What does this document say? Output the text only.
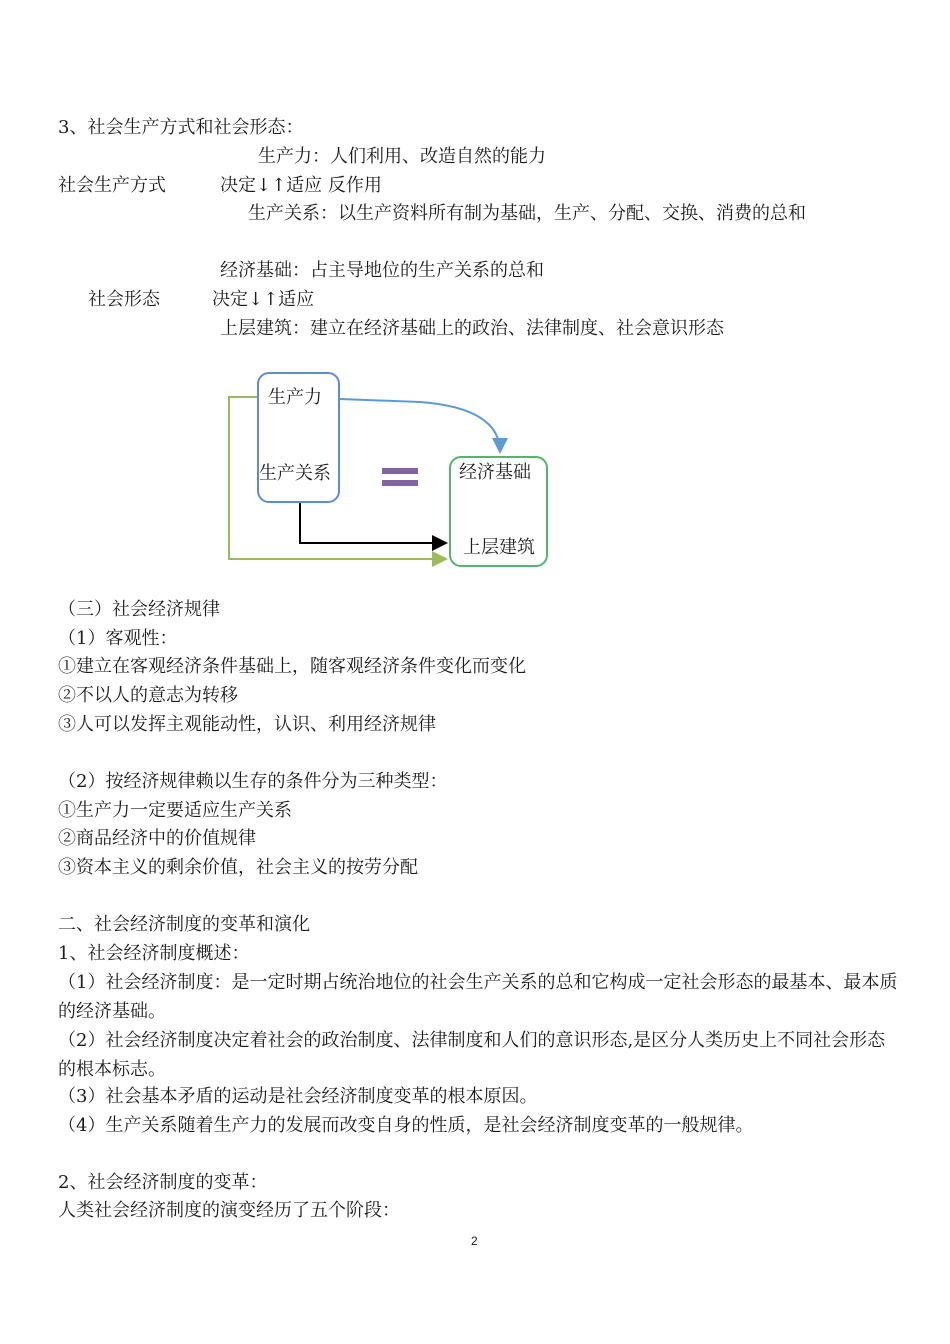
3、社会生产方式和社会形态：
生产力：人们利用、改造自然的能力
社会生产方式	决定↓↑适应 反作用
生产关系：以生产资料所有制为基础，生产、分配、交换、消费的总和
经济基础：占主导地位的生产关系的总和
社会形态	决定↓↑适应
上层建筑：建立在经济基础上的政治、法律制度、社会意识形态
生产力
生产关系	经济基础
上层建筑
（三）社会经济规律
（1）客观性：
①建立在客观经济条件基础上，随客观经济条件变化而变化
②不以人的意志为转移
③人可以发挥主观能动性，认识、利用经济规律
（2）按经济规律赖以生存的条件分为三种类型：
①生产力一定要适应生产关系
②商品经济中的价值规律
③资本主义的剩余价值，社会主义的按劳分配
二、社会经济制度的变革和演化
1、社会经济制度概述：
（1）社会经济制度：是一定时期占统治地位的社会生产关系的总和它构成一定社会形态的最基本、最本质的经济基础。
（2）社会经济制度决定着社会的政治制度、法律制度和人们的意识形态,是区分人类历史上不同社会形态的根本标志。
（3）社会基本矛盾的运动是社会经济制度变革的根本原因。
（4）生产关系随着生产力的发展而改变自身的性质，是社会经济制度变革的一般规律。
2、社会经济制度的变革：
人类社会经济制度的演变经历了五个阶段：
2
